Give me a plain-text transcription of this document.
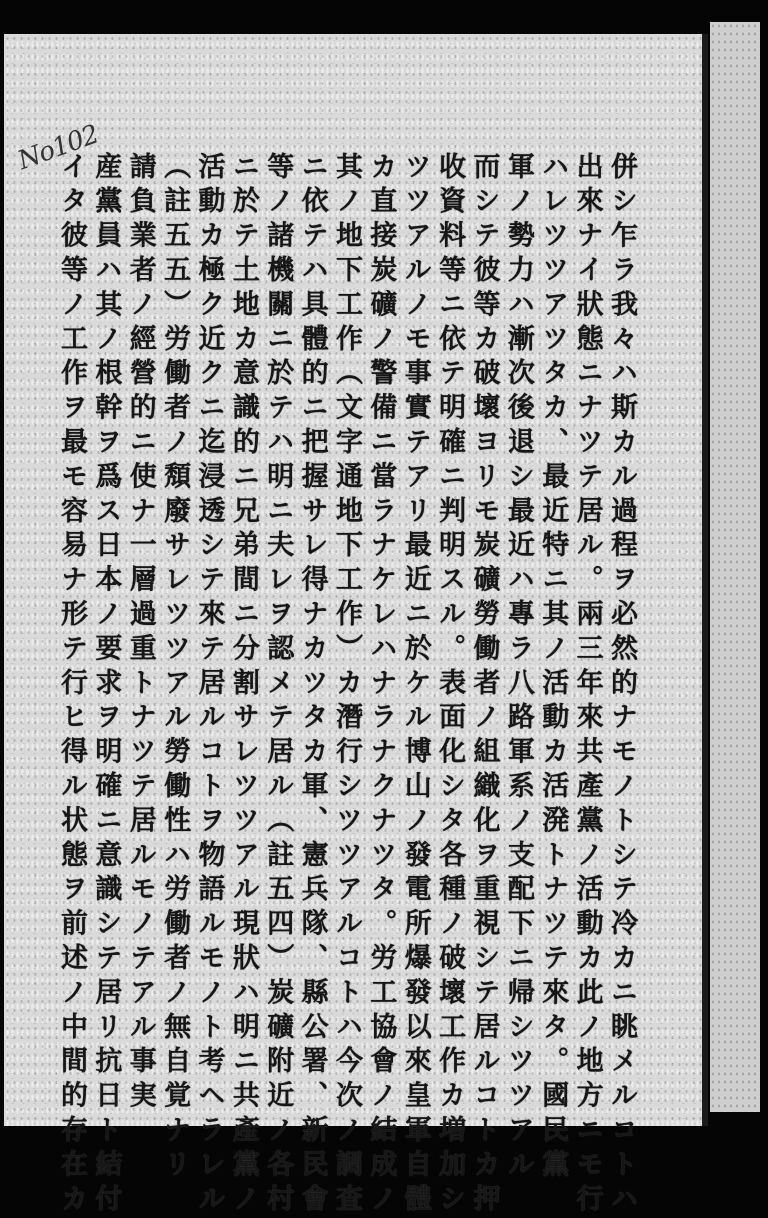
No102
併シ乍ラ我々ハ斯カル過程ヲ必然的ナモノトシテ冷カニ眺メルコトハ
出來ナイ狀態ニナツテ居ル。兩三年來共產黨ノ活動カ此ノ地方ニモ行
ハレツツアツタカ、最近特ニ其ノ活動カ活溌トナツテ來タ。國民黨
軍ノ勢力ハ漸次後退シ最近ハ專ラ八路軍系ノ支配下ニ帰シツツアル
而シテ彼等カ破壞ヨリモ炭礦勞働者ノ組織化ヲ重視シテ居ルコトカ押
收資料等ニ依テ明確ニ判明スル。表面化シタ各種ノ破壞工作カ増加シ
ツツアルノモ事實テアリ最近ニ於ケル博山ノ發電所爆發以來皇軍自體
カ直接炭礦ノ警備ニ當ラナケレハナラナクナツタ。労工協會ノ結成ノ
其ノ地下工作（文字通地下工作）カ潛行シツツアルコトハ今次ノ調査
ニ依テハ具體的ニ把握サレ得ナカツタカ軍、憲兵隊、縣公署、新民會
等ノ諸機關ニ於テハ明ニ夫レヲ認メテ居ル（註五四）炭礦附近ノ各村
ニ於テ土地カ意識的ニ兄弟間ニ分割サレツツアル現狀ハ明ニ共產黨ノ
活動カ極ク近クニ迄浸透シテ來テ居ルコトヲ物語ルモノト考ヘラレル
（註五五）労働者ノ頽廢サレツツアル勞働性ハ労働者ノ無自覚ナリ
請負業者ノ經營的ニ使ナ一層過重トナツテ居ルモノテアル事実
産黨員ハ其ノ根幹ヲ爲ス日本ノ要求ヲ明確ニ意識シテ居リ抗日ト結付
イタ彼等ノ工作ヲ最モ容易ナ形テ行ヒ得ル状態ヲ前述ノ中間的存在カ
